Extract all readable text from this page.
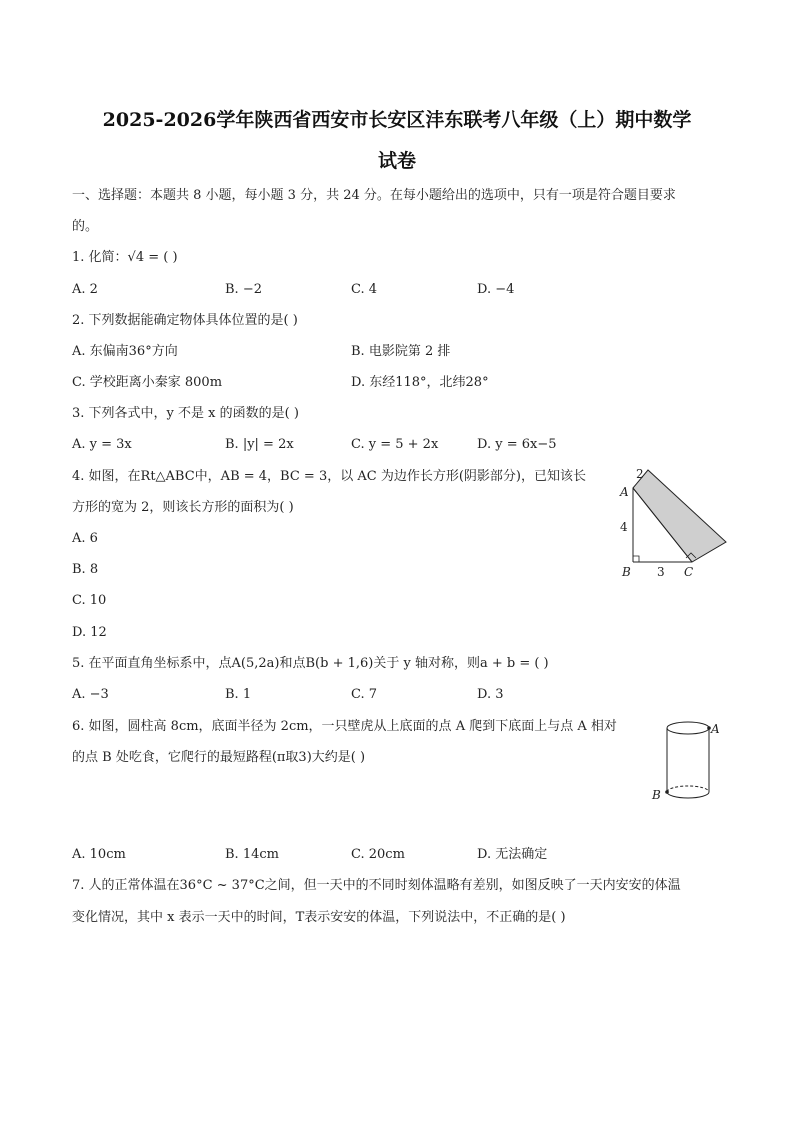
2025-2026学年陕西省西安市长安区沣东联考八年级（上）期中数学
试卷
一、选择题：本题共 8 小题，每小题 3 分，共 24 分。在每小题给出的选项中，只有一项是符合题目要求
的。
1. 化简：√4 = ( )
A. 2	B. −2	C. 4	D. −4
2. 下列数据能确定物体具体位置的是( )
A. 东偏南36°方向	B. 电影院第 2 排
C. 学校距离小秦家 800m	D. 东经118°，北纬28°
3. 下列各式中，y 不是 x 的函数的是( )
A. y = 3x	B. |y| = 2x	C. y = 5 + 2x	D. y = 6x−5
4. 如图，在Rt△ABC中，AB = 4，BC = 3，以 AC 为边作长方形(阴影部分)，已知该长
方形的宽为 2，则该长方形的面积为( )
A. 6
B. 8
C. 10
D. 12
2
A
4
B 3 C
5. 在平面直角坐标系中，点A(5,2a)和点B(b + 1,6)关于 y 轴对称，则a + b = ( )
A. −3	B. 1	C. 7	D. 3
6. 如图，圆柱高 8cm，底面半径为 2cm，一只壁虎从上底面的点 A 爬到下底面上与点 A 相对
的点 B 处吃食，它爬行的最短路程(π取3)大约是( )
A
B
A. 10cm	B. 14cm	C. 20cm	D. 无法确定
7. 人的正常体温在36°C ~ 37°C之间，但一天中的不同时刻体温略有差别，如图反映了一天内安安的体温
变化情况，其中 x 表示一天中的时间，T表示安安的体温，下列说法中，不正确的是( )
